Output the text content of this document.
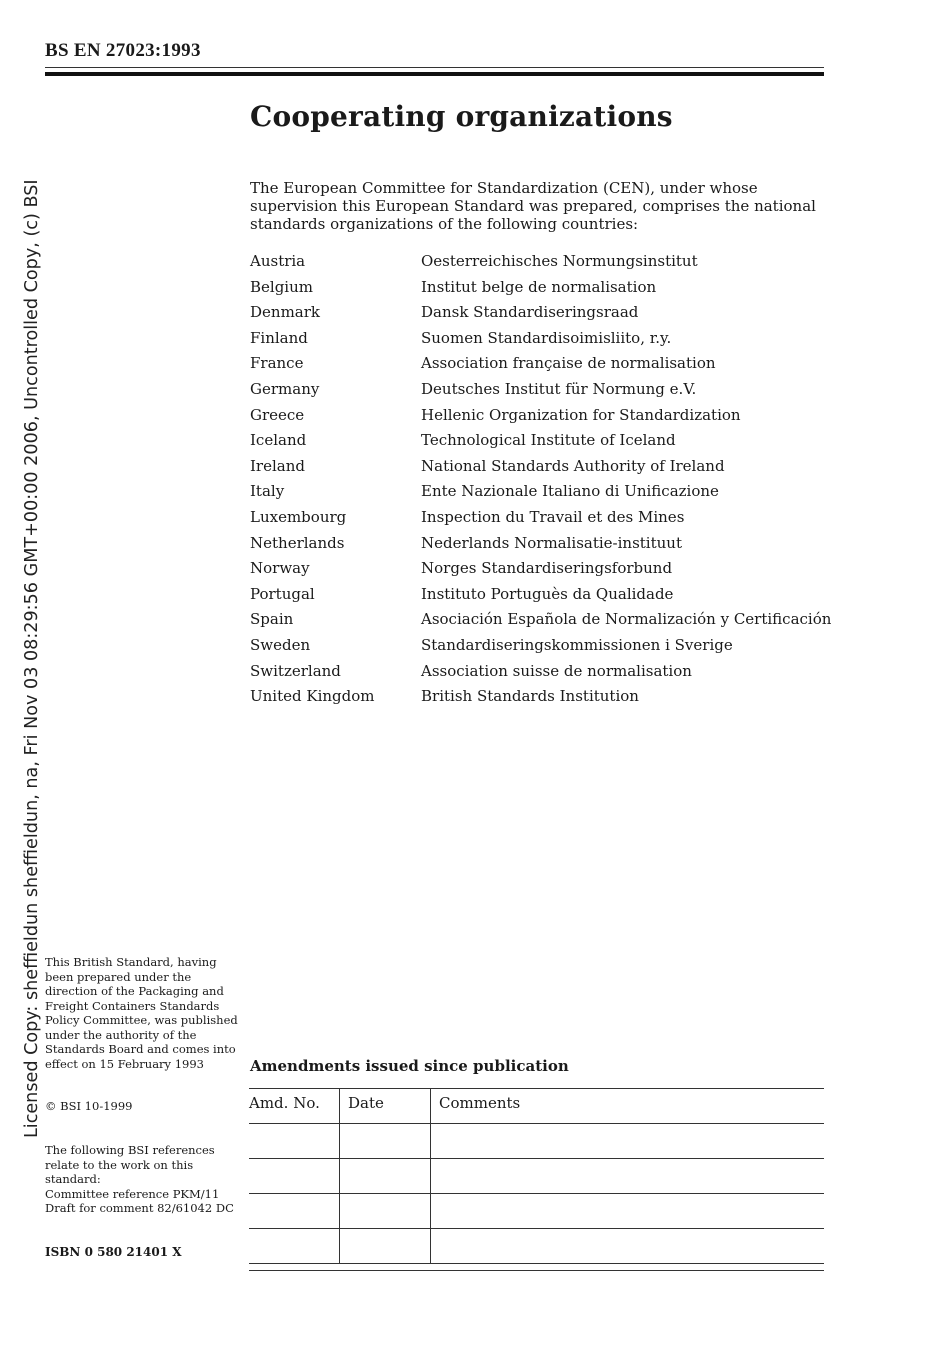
BS EN 27023:1993
Cooperating organizations
The European Committee for Standardization (CEN), under whose supervision this European Standard was prepared, comprises the national standards organizations of the following countries:
Austria	Oesterreichisches Normungsinstitut
Belgium	Institut belge de normalisation
Denmark	Dansk Standardiseringsraad
Finland	Suomen Standardisoimisliito, r.y.
France	Association française de normalisation
Germany	Deutsches Institut für Normung e.V.
Greece	Hellenic Organization for Standardization
Iceland	Technological Institute of Iceland
Ireland	National Standards Authority of Ireland
Italy	Ente Nazionale Italiano di Unificazione
Luxembourg	Inspection du Travail et des Mines
Netherlands	Nederlands Normalisatie-instituut
Norway	Norges Standardiseringsforbund
Portugal	Instituto Portuguès da Qualidade
Spain	Asociación Española de Normalización y Certificación
Sweden	Standardiseringskommissionen i Sverige
Switzerland	Association suisse de normalisation
United Kingdom	British Standards Institution
Licensed Copy: sheffieldun sheffieldun, na, Fri Nov 03 08:29:56 GMT+00:00 2006, Uncontrolled Copy, (c) BSI This British Standard, having been prepared under the direction of the Packaging and Freight Containers Standards Policy Committee, was published under the authority of the Standards Board and comes into effect on 15 February 1993
© BSI 10-1999
The following BSI references relate to the work on this standard:
Committee reference PKM/11
Draft for comment 82/61042 DC
ISBN 0 580 21401 X
Amendments issued since publication
Amd. No.	Date	Comments
